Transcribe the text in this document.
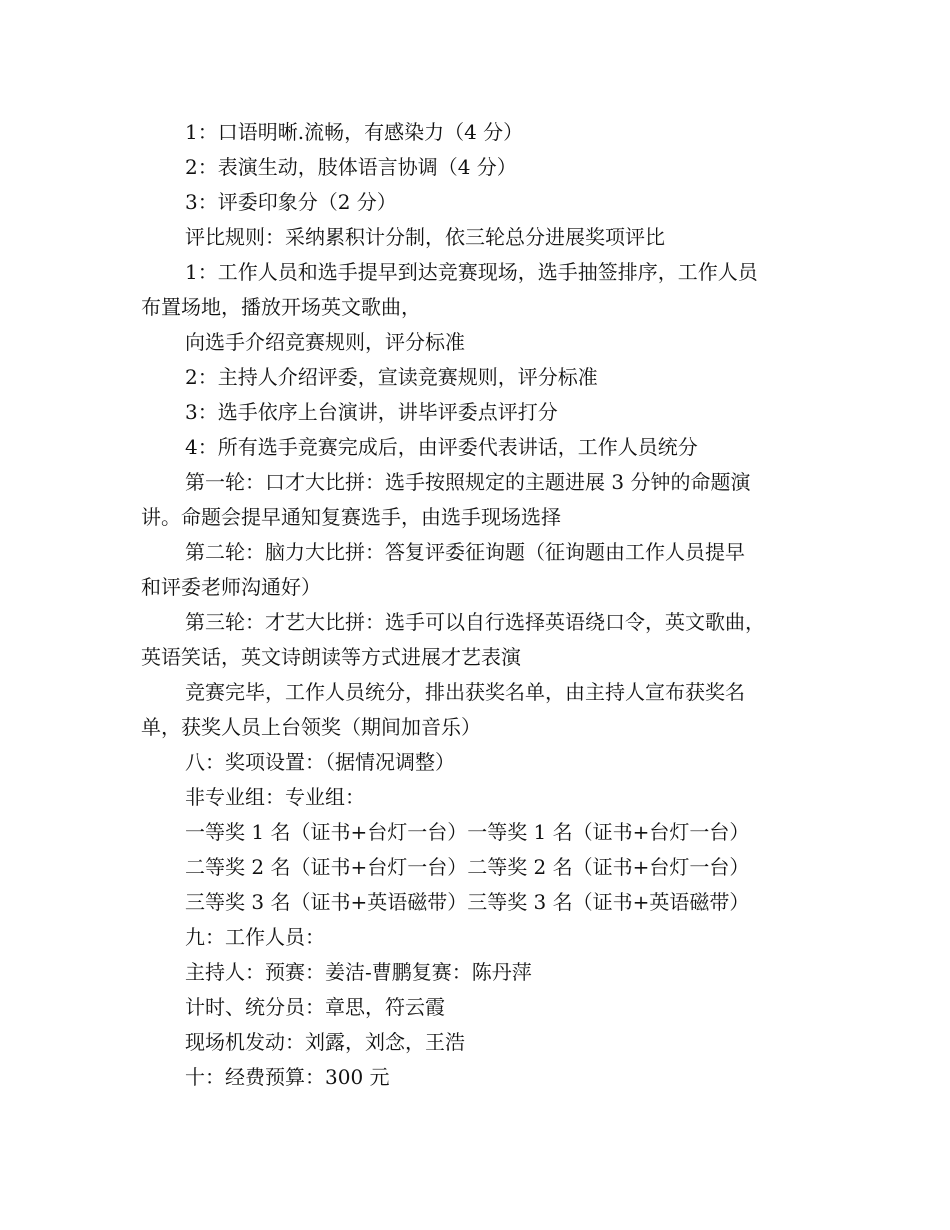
1：口语明晰.流畅，有感染力（4 分）

2：表演生动，肢体语言协调（4 分）

3：评委印象分（2 分）

评比规则：采纳累积计分制，依三轮总分进展奖项评比

1：工作人员和选手提早到达竞赛现场，选手抽签排序，工作人员

布置场地，播放开场英文歌曲，

向选手介绍竞赛规则，评分标准

2：主持人介绍评委，宣读竞赛规则，评分标准

3：选手依序上台演讲，讲毕评委点评打分

4：所有选手竞赛完成后，由评委代表讲话，工作人员统分

第一轮：口才大比拼：选手按照规定的主题进展 3 分钟的命题演

讲。命题会提早通知复赛选手，由选手现场选择

第二轮：脑力大比拼：答复评委征询题（征询题由工作人员提早

和评委老师沟通好）

第三轮：才艺大比拼：选手可以自行选择英语绕口令，英文歌曲，

英语笑话，英文诗朗读等方式进展才艺表演

竞赛完毕，工作人员统分，排出获奖名单，由主持人宣布获奖名

单，获奖人员上台领奖（期间加音乐）

八：奖项设置：（据情况调整）

非专业组：专业组：

一等奖 1 名（证书+台灯一台）一等奖 1 名（证书+台灯一台）

二等奖 2 名（证书+台灯一台）二等奖 2 名（证书+台灯一台）

三等奖 3 名（证书+英语磁带）三等奖 3 名（证书+英语磁带）

九：工作人员：

主持人：预赛：姜洁-曹鹏复赛：陈丹萍

计时、统分员：章思，符云霞

现场机发动：刘露，刘念，王浩

十：经费预算：300 元
